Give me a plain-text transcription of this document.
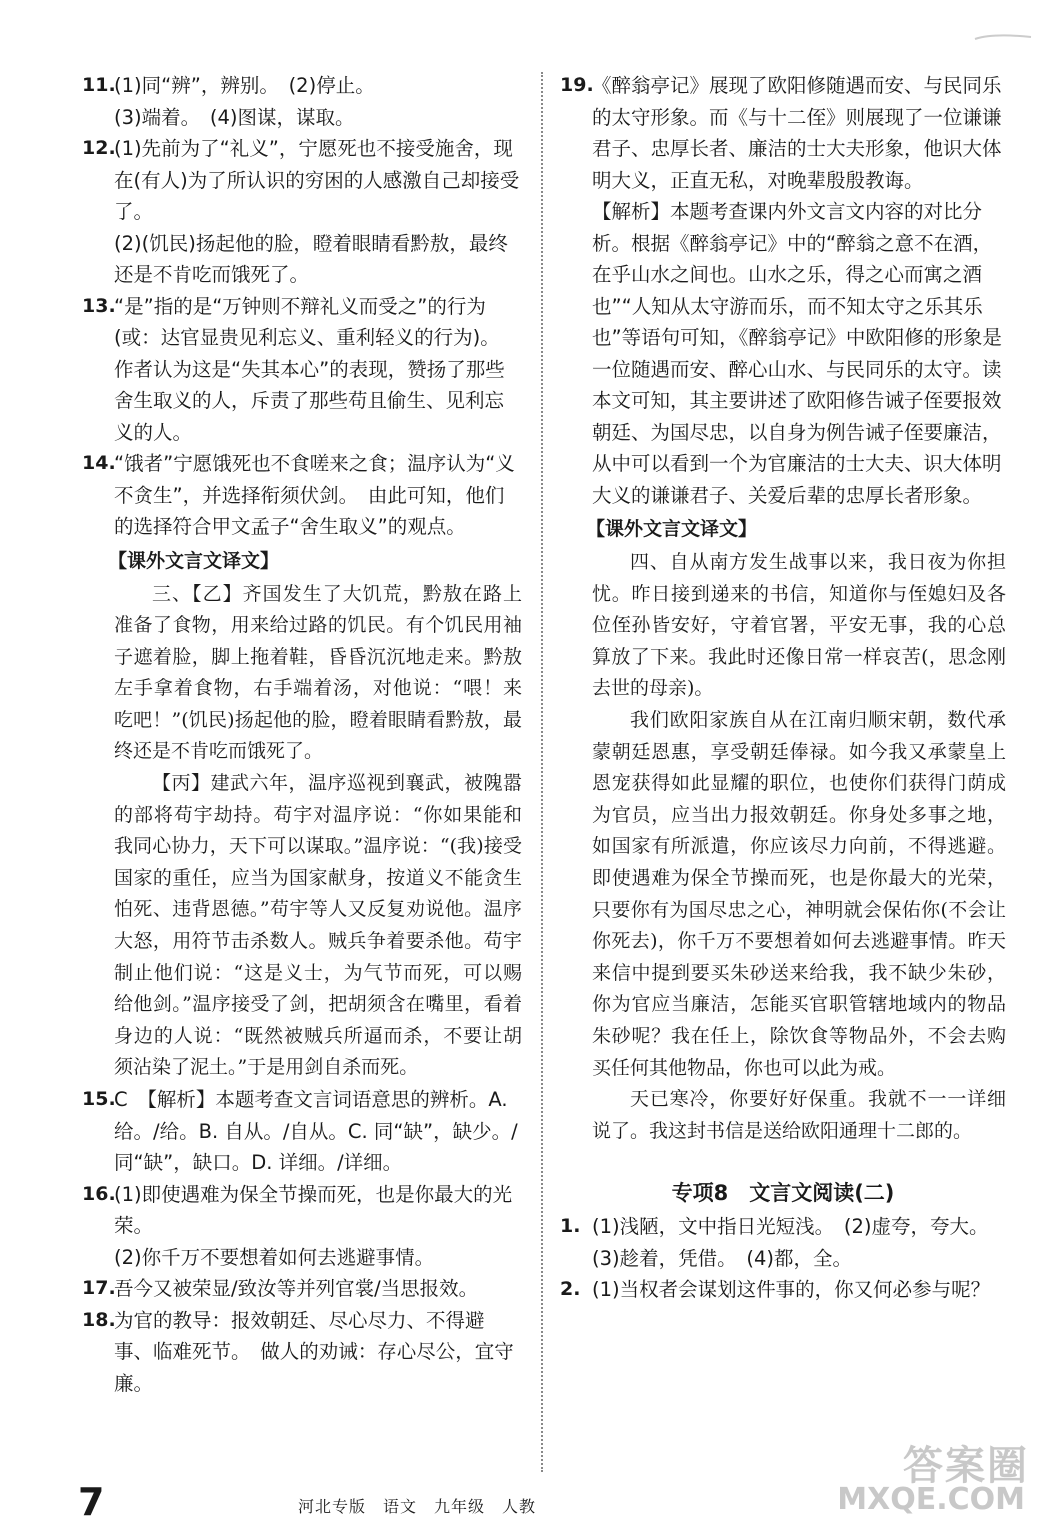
11.

(1)同“辨”，辨别。　(2)停止。

(3)端着。　(4)图谋，谋取。

12.

(1)先前为了“礼义”，宁愿死也不接受施舍，现在(有人)为了所认识的穷困的人感激自己却接受了。

(2)(饥民)扬起他的脸，瞪着眼睛看黔敖，最终还是不肯吃而饿死了。

13.

“是”指的是“万钟则不辩礼义而受之”的行为(或：达官显贵见利忘义、重利轻义的行为)。　作者认为这是“失其本心”的表现，赞扬了那些舍生取义的人，斥责了那些苟且偷生、见利忘义的人。

14.

“饿者”宁愿饿死也不食嗟来之食；温序认为“义不贪生”，并选择衔须伏剑。　由此可知，他们的选择符合甲文孟子“舍生取义”的观点。

【课外文言文译文】

三、【乙】齐国发生了大饥荒，黔敖在路上准备了食物，用来给过路的饥民。有个饥民用袖子遮着脸，脚上拖着鞋，昏昏沉沉地走来。黔敖左手拿着食物，右手端着汤，对他说：“喂！来吃吧！”(饥民)扬起他的脸，瞪着眼睛看黔敖，最终还是不肯吃而饿死了。

【丙】建武六年，温序巡视到襄武，被隗嚣的部将苟宇劫持。苟宇对温序说：“你如果能和我同心协力，天下可以谋取。”温序说：“(我)接受国家的重任，应当为国家献身，按道义不能贪生怕死、违背恩德。”苟宇等人又反复劝说他。温序大怒，用符节击杀数人。贼兵争着要杀他。苟宇制止他们说：“这是义士，为气节而死，可以赐给他剑。”温序接受了剑，把胡须含在嘴里，看着身边的人说：“既然被贼兵所逼而杀，不要让胡须沾染了泥土。”于是用剑自杀而死。

15.

C　【解析】本题考查文言词语意思的辨析。A. 给。/给。B. 自从。/自从。C. 同“缺”，缺少。/同“缺”，缺口。D. 详细。/详细。

16.

(1)即使遇难为保全节操而死，也是你最大的光荣。

(2)你千万不要想着如何去逃避事情。

17.

吾今又被荣显/致汝等并列官裳/当思报效。

18.

为官的教导：报效朝廷、尽心尽力、不得避事、临难死节。　做人的劝诫：存心尽公，宜守廉。

19.

《醉翁亭记》展现了欧阳修随遇而安、与民同乐的太守形象。而《与十二侄》则展现了一位谦谦君子、忠厚长者、廉洁的士大夫形象，他识大体明大义，正直无私，对晚辈殷殷教诲。

【解析】本题考查课内外文言文内容的对比分析。根据《醉翁亭记》中的“醉翁之意不在酒，在乎山水之间也。山水之乐，得之心而寓之酒也”“人知从太守游而乐，而不知太守之乐其乐也”等语句可知，《醉翁亭记》中欧阳修的形象是一位随遇而安、醉心山水、与民同乐的太守。读本文可知，其主要讲述了欧阳修告诫子侄要报效朝廷、为国尽忠，以自身为例告诫子侄要廉洁，从中可以看到一个为官廉洁的士大夫、识大体明大义的谦谦君子、关爱后辈的忠厚长者形象。

【课外文言文译文】

四、自从南方发生战事以来，我日夜为你担忧。昨日接到递来的书信，知道你与侄媳妇及各位侄孙皆安好，守着官署，平安无事，我的心总算放了下来。我此时还像日常一样哀苦(，思念刚去世的母亲)。

我们欧阳家族自从在江南归顺宋朝，数代承蒙朝廷恩惠，享受朝廷俸禄。如今我又承蒙皇上恩宠获得如此显耀的职位，也使你们获得门荫成为官员，应当出力报效朝廷。你身处多事之地，如国家有所派遣，你应该尽力向前，不得逃避。即使遇难为保全节操而死，也是你最大的光荣，只要你有为国尽忠之心，神明就会保佑你(不会让你死去)，你千万不要想着如何去逃避事情。昨天来信中提到要买朱砂送来给我，我不缺少朱砂，你为官应当廉洁，怎能买官职管辖地域内的物品朱砂呢？我在任上，除饮食等物品外，不会去购买任何其他物品，你也可以此为戒。

天已寒冷，你要好好保重。我就不一一详细说了。我这封书信是送给欧阳通理十二郎的。

专项8　文言文阅读(二)
1. (1)浅陋，文中指日光短浅。　(2)虚夸，夸大。

(3)趁着，凭借。　(4)都，全。

2. (1)当权者会谋划这件事的，你又何必参与呢？

7	河北专版　语文　九年级　人教
答案圈
MXQE.COM
